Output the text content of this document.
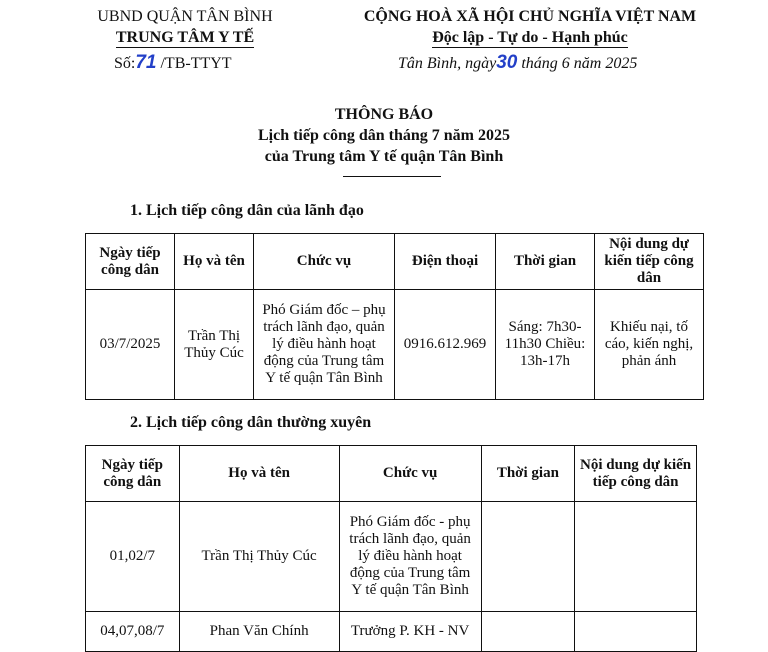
UBND QUẬN TÂN BÌNH
TRUNG TÂM Y TẾ
CỘNG HOÀ XÃ HỘI CHỦ NGHĨA VIỆT NAM
Độc lập - Tự do - Hạnh phúc
Số:71 /TB-TTYT	Tân Bình, ngày30 tháng 6 năm 2025
THÔNG BÁO
Lịch tiếp công dân tháng 7 năm 2025
của Trung tâm Y tế quận Tân Bình
1. Lịch tiếp công dân của lãnh đạo
Ngày tiếp công dân	Họ và tên	Chức vụ	Điện thoại	Thời gian	Nội dung dự kiến tiếp công dân
03/7/2025	Trần Thị Thủy Cúc	Phó Giám đốc – phụ trách lãnh đạo, quản lý điều hành hoạt động của Trung tâm Y tế quận Tân Bình	0916.612.969	Sáng: 7h30-11h30 Chiều: 13h-17h	Khiếu nại, tố cáo, kiến nghị, phản ánh
2. Lịch tiếp công dân thường xuyên
Ngày tiếp công dân	Họ và tên	Chức vụ	Thời gian	Nội dung dự kiến tiếp công dân
01,02/7	Trần Thị Thủy Cúc	Phó Giám đốc - phụ trách lãnh đạo, quản lý điều hành hoạt động của Trung tâm Y tế quận Tân Bình		
04,07,08/7	Phan Văn Chính	Trưởng P. KH - NV		
